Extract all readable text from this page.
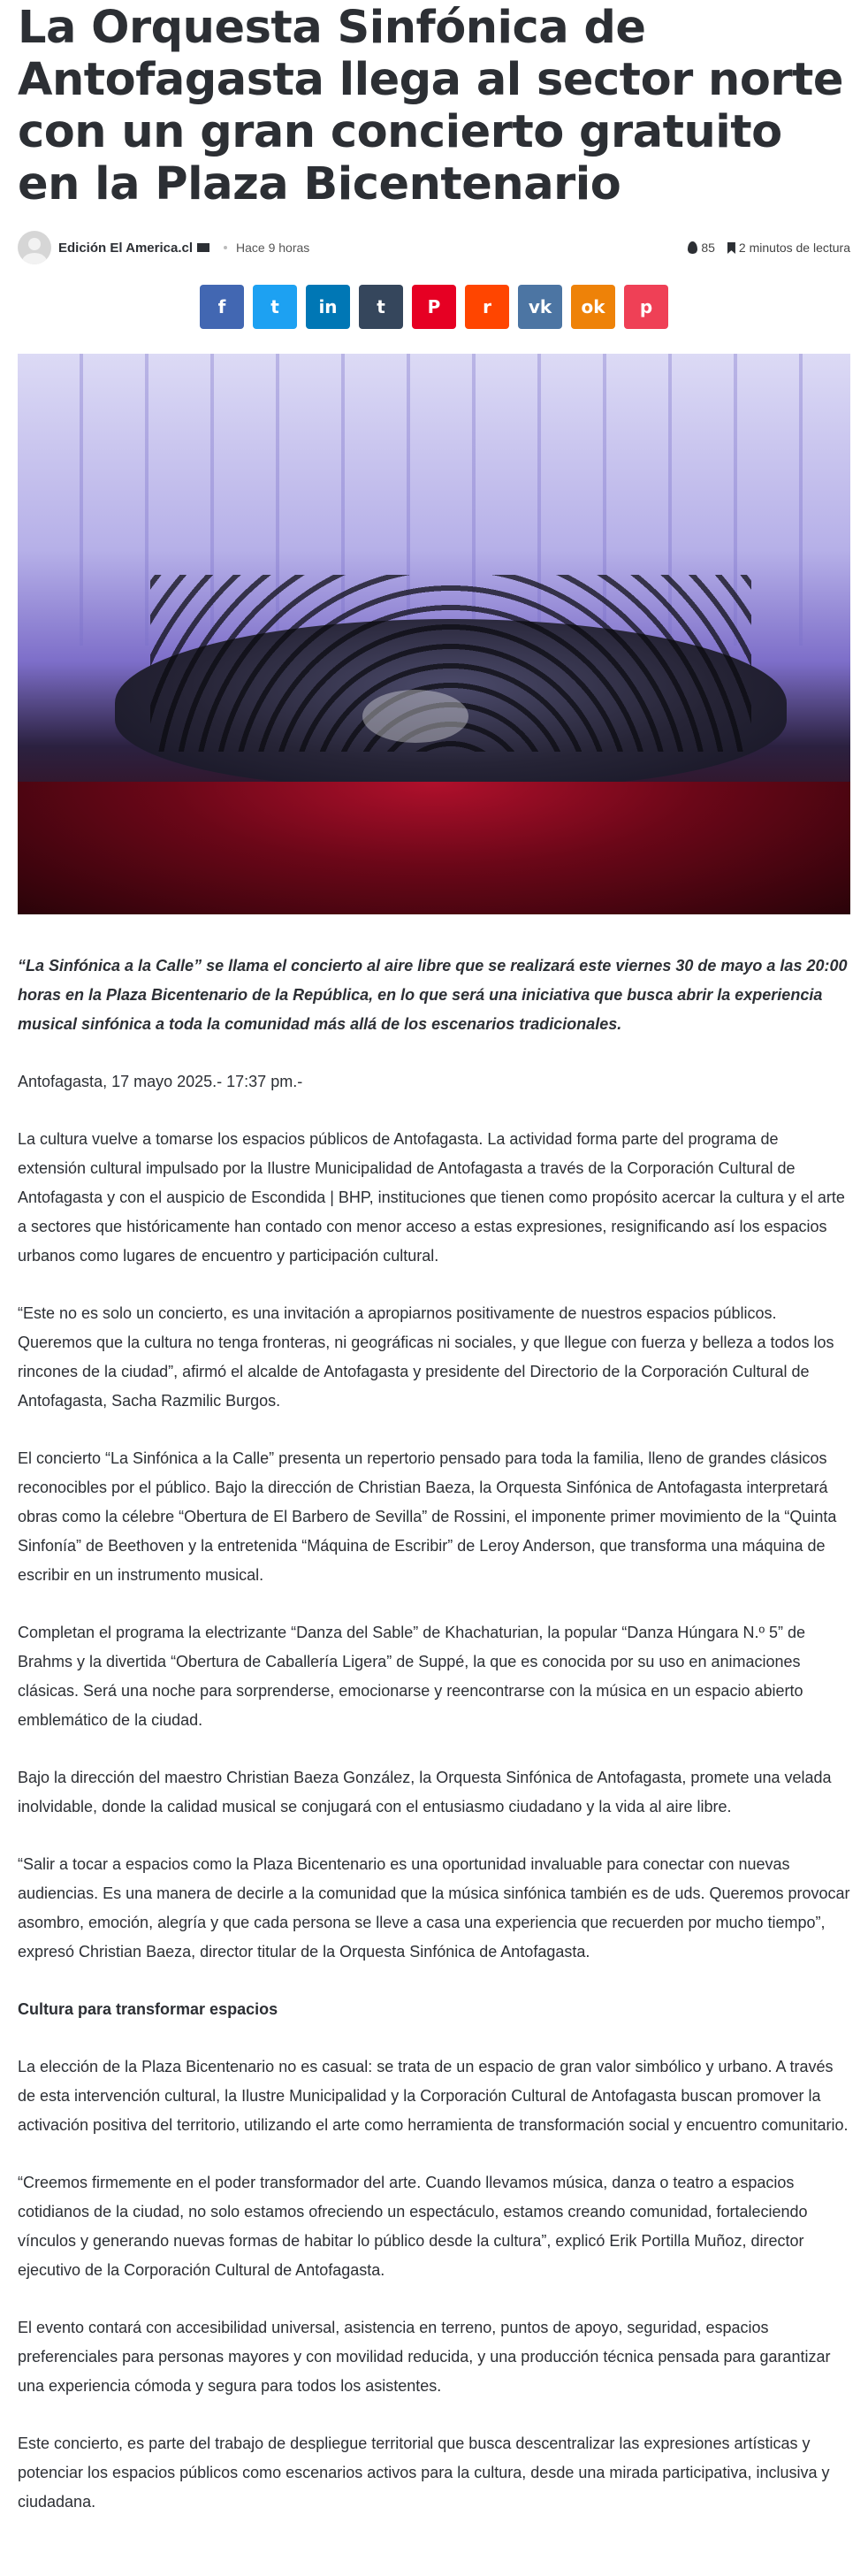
La Orquesta Sinfónica de Antofagasta llega al sector norte con un gran concierto gratuito en la Plaza Bicentenario
Edición El America.cl	Hace 9 horas	85	2 minutos de lectura
f	t in t P r vk ok p

“La Sinfónica a la Calle” se llama el concierto al aire libre que se realizará este viernes 30 de mayo a las 20:00 horas en la Plaza Bicentenario de la República, en lo que será una iniciativa que busca abrir la experiencia musical sinfónica a toda la comunidad más allá de los escenarios tradicionales.

Antofagasta, 17 mayo 2025.- 17:37 pm.-

La cultura vuelve a tomarse los espacios públicos de Antofagasta. La actividad forma parte del programa de extensión cultural impulsado por la Ilustre Municipalidad de Antofagasta a través de la Corporación Cultural de Antofagasta y con el auspicio de Escondida | BHP, instituciones que tienen como propósito acercar la cultura y el arte a sectores que históricamente han contado con menor acceso a estas expresiones, resignificando así los espacios urbanos como lugares de encuentro y participación cultural.

“Este no es solo un concierto, es una invitación a apropiarnos positivamente de nuestros espacios públicos. Queremos que la cultura no tenga fronteras, ni geográficas ni sociales, y que llegue con fuerza y belleza a todos los rincones de la ciudad”, afirmó el alcalde de Antofagasta y presidente del Directorio de la Corporación Cultural de Antofagasta, Sacha Razmilic Burgos.

El concierto “La Sinfónica a la Calle” presenta un repertorio pensado para toda la familia, lleno de grandes clásicos reconocibles por el público. Bajo la dirección de Christian Baeza, la Orquesta Sinfónica de Antofagasta interpretará obras como la célebre “Obertura de El Barbero de Sevilla” de Rossini, el imponente primer movimiento de la “Quinta Sinfonía” de Beethoven y la entretenida “Máquina de Escribir” de Leroy Anderson, que transforma una máquina de escribir en un instrumento musical.

Completan el programa la electrizante “Danza del Sable” de Khachaturian, la popular “Danza Húngara N.º 5” de Brahms y la divertida “Obertura de Caballería Ligera” de Suppé, la que es conocida por su uso en animaciones clásicas. Será una noche para sorprenderse, emocionarse y reencontrarse con la música en un espacio abierto emblemático de la ciudad.

Bajo la dirección del maestro Christian Baeza González, la Orquesta Sinfónica de Antofagasta, promete una velada inolvidable, donde la calidad musical se conjugará con el entusiasmo ciudadano y la vida al aire libre.

“Salir a tocar a espacios como la Plaza Bicentenario es una oportunidad invaluable para conectar con nuevas audiencias. Es una manera de decirle a la comunidad que la música sinfónica también es de uds. Queremos provocar asombro, emoción, alegría y que cada persona se lleve a casa una experiencia que recuerden por mucho tiempo”, expresó Christian Baeza, director titular de la Orquesta Sinfónica de Antofagasta.

Cultura para transformar espacios

La elección de la Plaza Bicentenario no es casual: se trata de un espacio de gran valor simbólico y urbano. A través de esta intervención cultural, la Ilustre Municipalidad y la Corporación Cultural de Antofagasta buscan promover la activación positiva del territorio, utilizando el arte como herramienta de transformación social y encuentro comunitario.

“Creemos firmemente en el poder transformador del arte. Cuando llevamos música, danza o teatro a espacios cotidianos de la ciudad, no solo estamos ofreciendo un espectáculo, estamos creando comunidad, fortaleciendo vínculos y generando nuevas formas de habitar lo público desde la cultura”, explicó Erik Portilla Muñoz, director ejecutivo de la Corporación Cultural de Antofagasta.

El evento contará con accesibilidad universal, asistencia en terreno, puntos de apoyo, seguridad, espacios preferenciales para personas mayores y con movilidad reducida, y una producción técnica pensada para garantizar una experiencia cómoda y segura para todos los asistentes.

Este concierto, es parte del trabajo de despliegue territorial que busca descentralizar las expresiones artísticas y potenciar los espacios públicos como escenarios activos para la cultura, desde una mirada participativa, inclusiva y ciudadana.
